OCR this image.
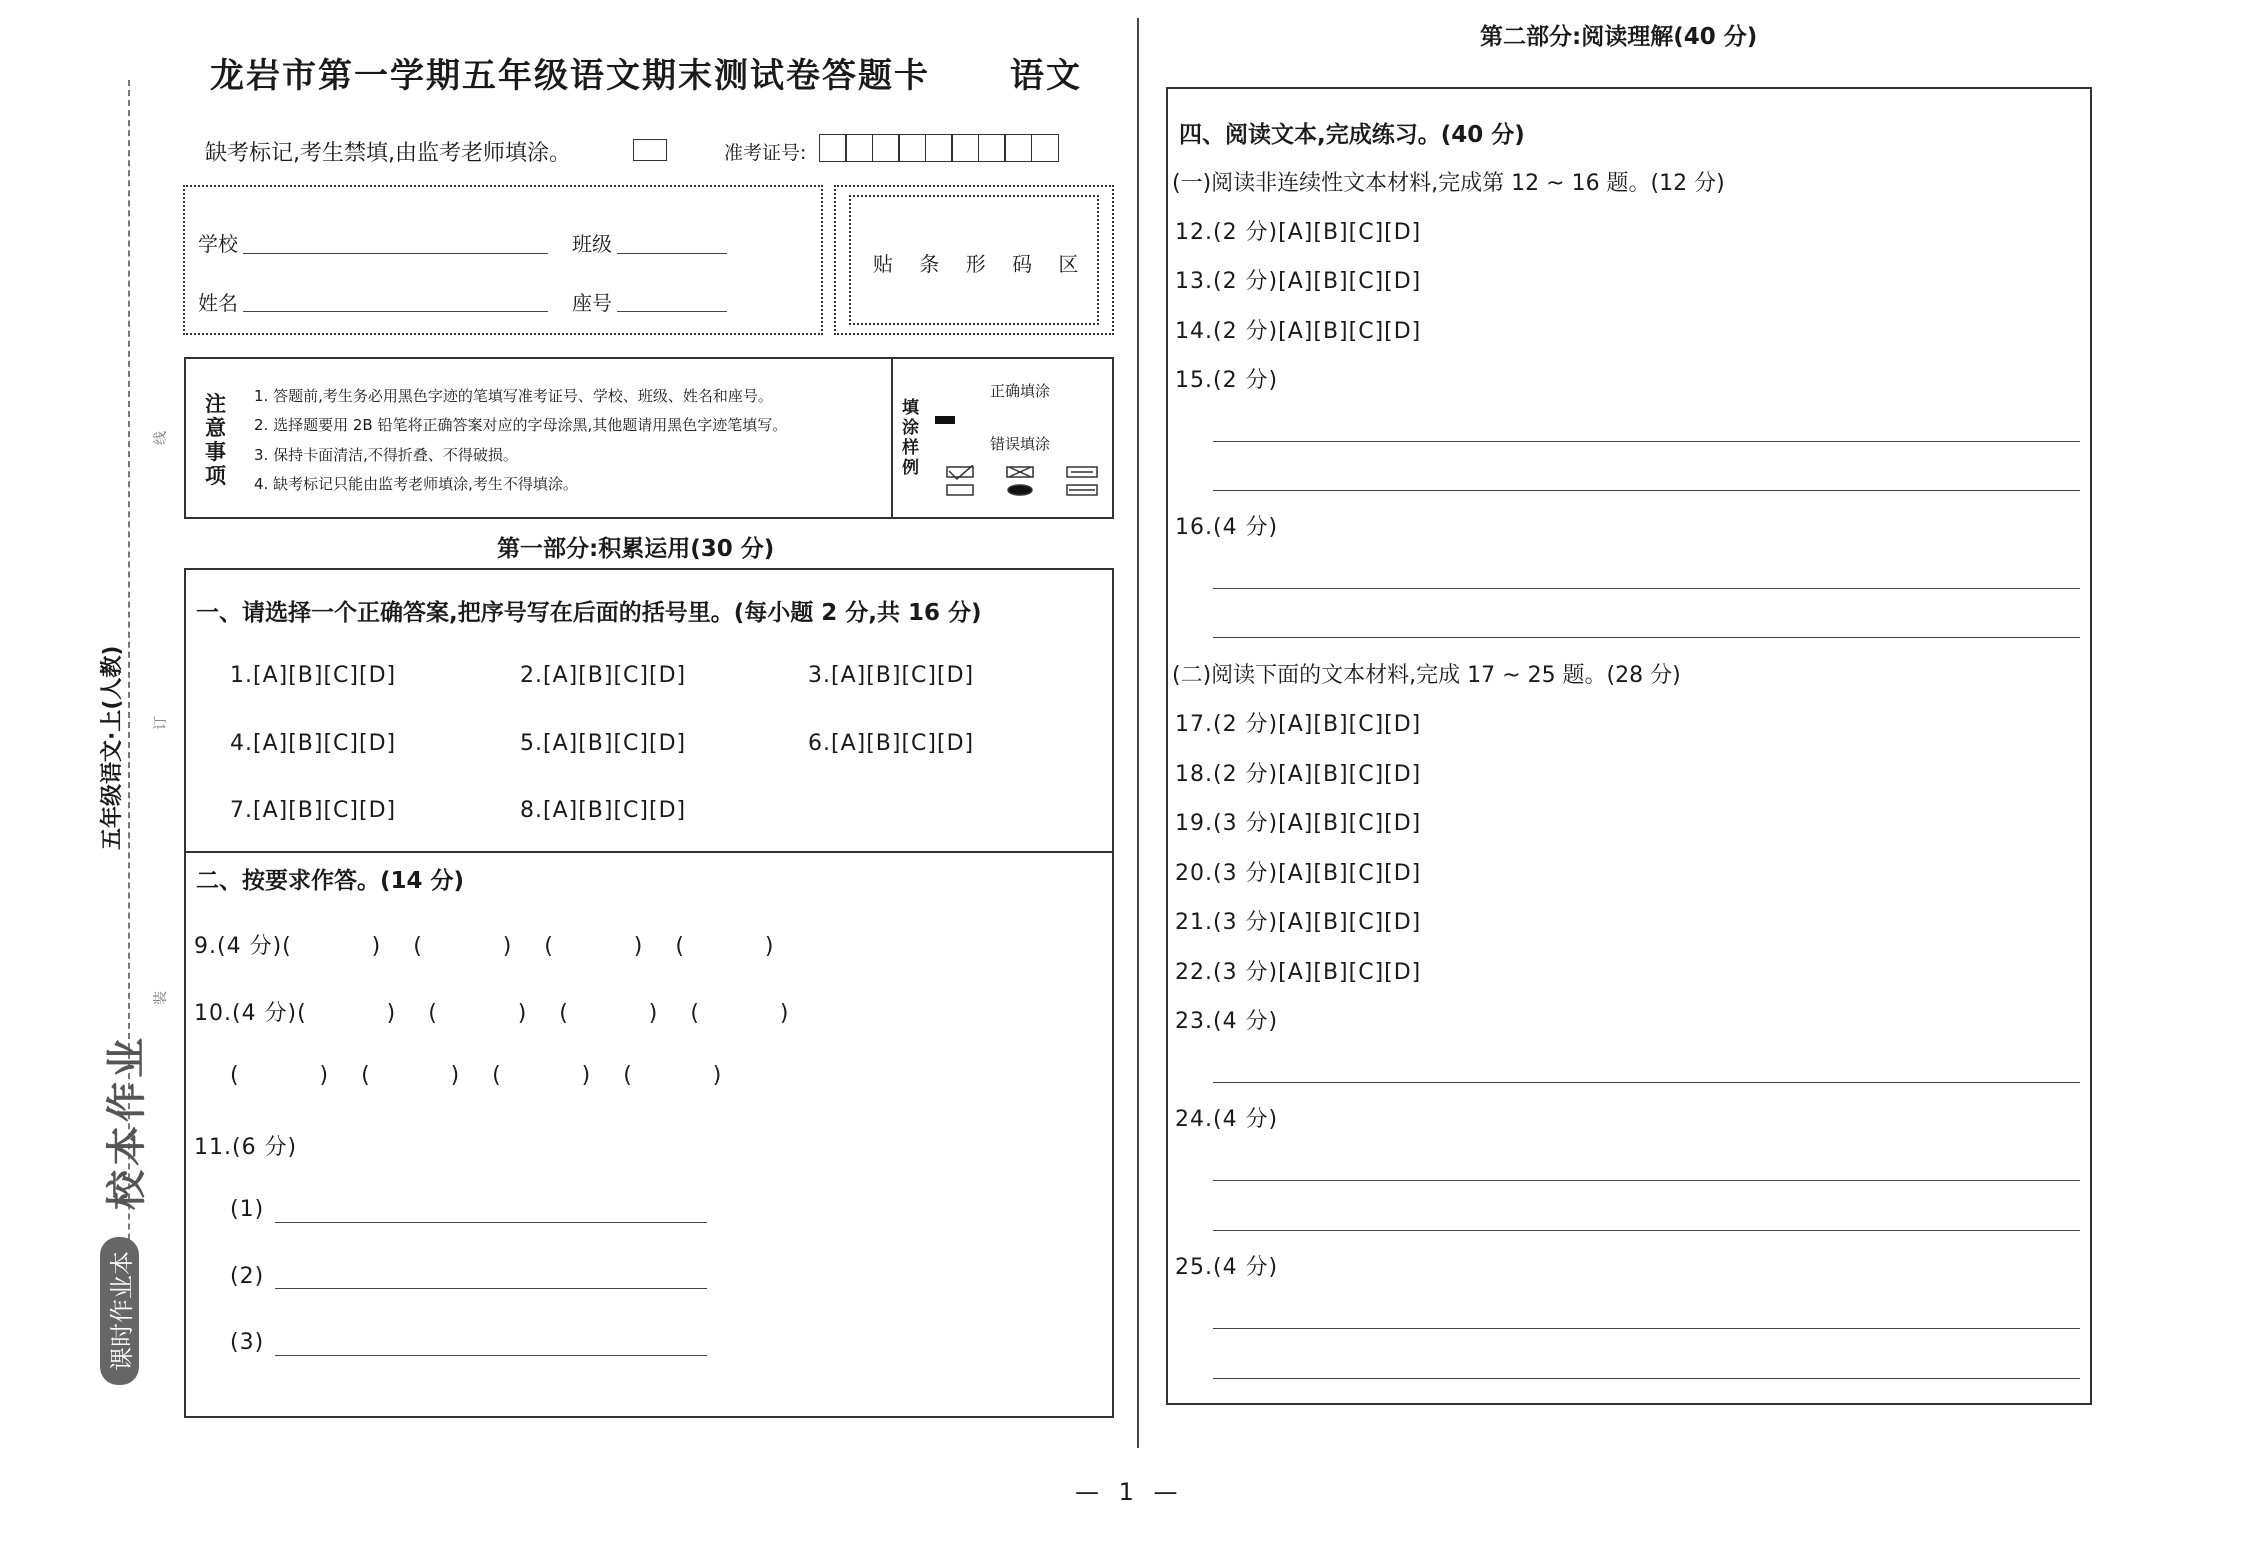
线
订
装
五年级语文·上(人教)
校本作业
课时作业本
龙岩市第一学期五年级语文期末测试卷答题卡 语文
缺考标记,考生禁填,由监考老师填涂。	准考证号:
学校	班级
姓名	座号
贴 条 形 码 区
注意事项
1. 答题前,考生务必用黑色字迹的笔填写准考证号、学校、班级、姓名和座号。
2. 选择题要用 2B 铅笔将正确答案对应的字母涂黑,其他题请用黑色字迹笔填写。
3. 保持卡面清洁,不得折叠、不得破损。
4. 缺考标记只能由监考老师填涂,考生不得填涂。
填涂样例
正确填涂
错误填涂
第一部分:积累运用(30 分)
一、请选择一个正确答案,把序号写在后面的括号里。(每小题 2 分,共 16 分)
1.[A][B][C][D]	2.[A][B][C][D]	3.[A][B][C][D]
4.[A][B][C][D]	5.[A][B][C][D]	6.[A][B][C][D]
7.[A][B][C][D]	8.[A][B][C][D]
二、按要求作答。(14 分)
9.(4 分)(          )    (          )    (          )    (          )
10.(4 分)(          )    (          )    (          )    (          )
(          )    (          )    (          )    (          )
11.(6 分)
(1)
(2)
(3)
第二部分:阅读理解(40 分)
四、阅读文本,完成练习。(40 分)
(一)阅读非连续性文本材料,完成第 12 ~ 16 题。(12 分)
12.(2 分)[A][B][C][D]
13.(2 分)[A][B][C][D]
14.(2 分)[A][B][C][D]
15.(2 分)
16.(4 分)
(二)阅读下面的文本材料,完成 17 ~ 25 题。(28 分)
17.(2 分)[A][B][C][D]
18.(2 分)[A][B][C][D]
19.(3 分)[A][B][C][D]
20.(3 分)[A][B][C][D]
21.(3 分)[A][B][C][D]
22.(3 分)[A][B][C][D]
23.(4 分)
24.(4 分)
25.(4 分)
— 1 —
